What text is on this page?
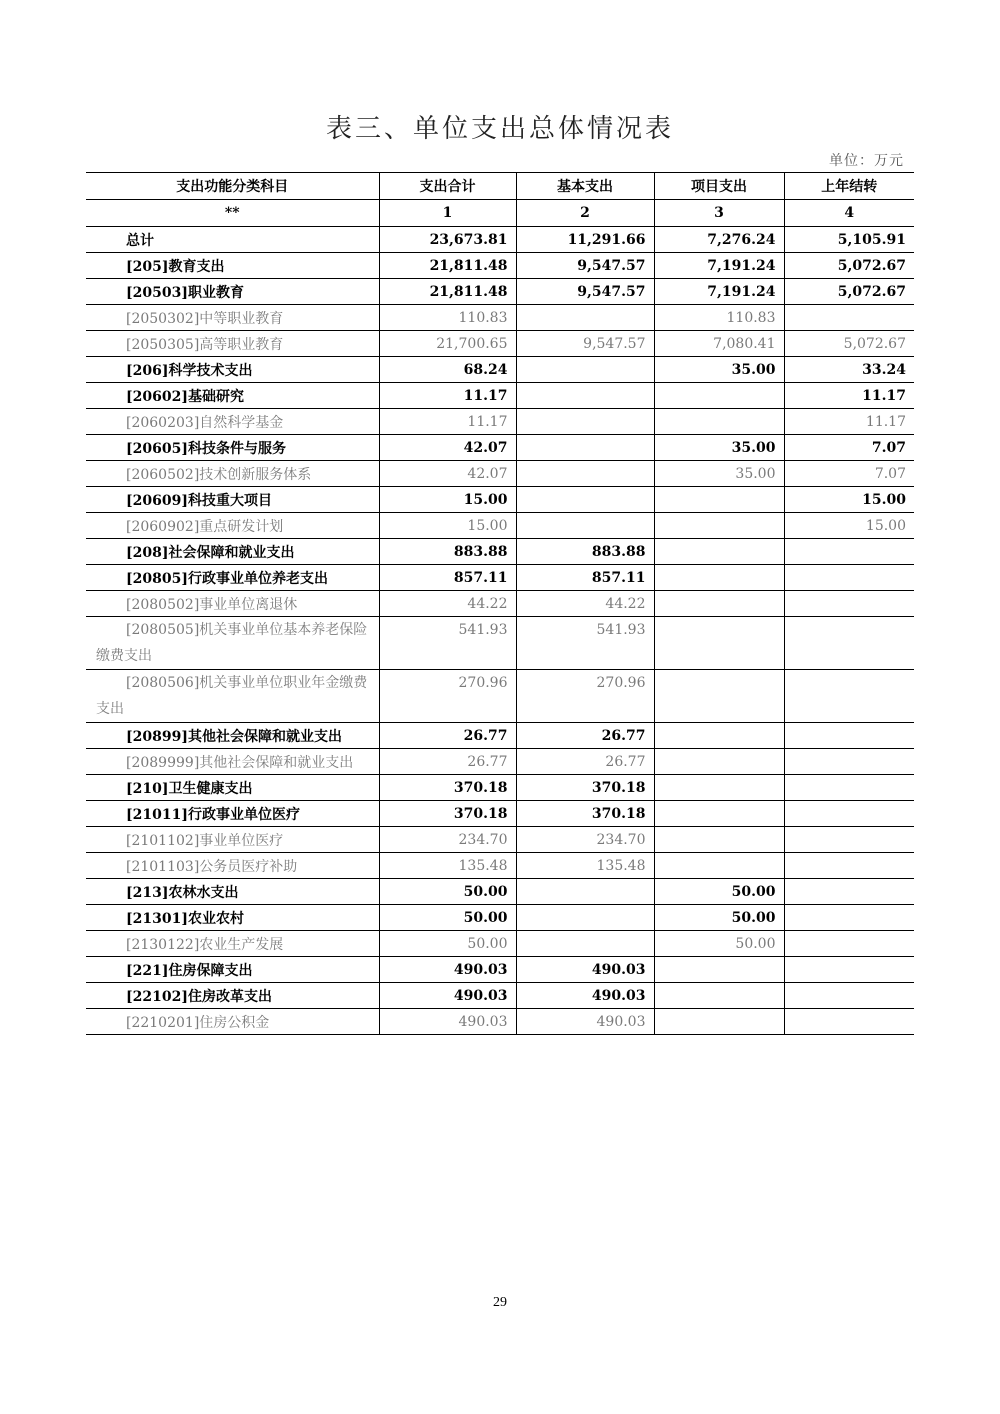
表三、单位支出总体情况表
单位：万元
支出功能分类科目	支出合计	基本支出	项目支出	上年结转
**	1	2	3	4
总计	23,673.81	11,291.66	7,276.24	5,105.91
[205]教育支出	21,811.48	9,547.57	7,191.24	5,072.67
[20503]职业教育	21,811.48	9,547.57	7,191.24	5,072.67
[2050302]中等职业教育	110.83		110.83	
[2050305]高等职业教育	21,700.65	9,547.57	7,080.41	5,072.67
[206]科学技术支出	68.24		35.00	33.24
[20602]基础研究	11.17			11.17
[2060203]自然科学基金	11.17			11.17
[20605]科技条件与服务	42.07		35.00	7.07
[2060502]技术创新服务体系	42.07		35.00	7.07
[20609]科技重大项目	15.00			15.00
[2060902]重点研发计划	15.00			15.00
[208]社会保障和就业支出	883.88	883.88		
[20805]行政事业单位养老支出	857.11	857.11		
[2080502]事业单位离退休	44.22	44.22		
[2080505]机关事业单位基本养老保险缴费支出	541.93	541.93		
[2080506]机关事业单位职业年金缴费支出	270.96	270.96		
[20899]其他社会保障和就业支出	26.77	26.77		
[2089999]其他社会保障和就业支出	26.77	26.77		
[210]卫生健康支出	370.18	370.18		
[21011]行政事业单位医疗	370.18	370.18		
[2101102]事业单位医疗	234.70	234.70		
[2101103]公务员医疗补助	135.48	135.48		
[213]农林水支出	50.00		50.00	
[21301]农业农村	50.00		50.00	
[2130122]农业生产发展	50.00		50.00	
[221]住房保障支出	490.03	490.03		
[22102]住房改革支出	490.03	490.03		
[2210201]住房公积金	490.03	490.03		
29
